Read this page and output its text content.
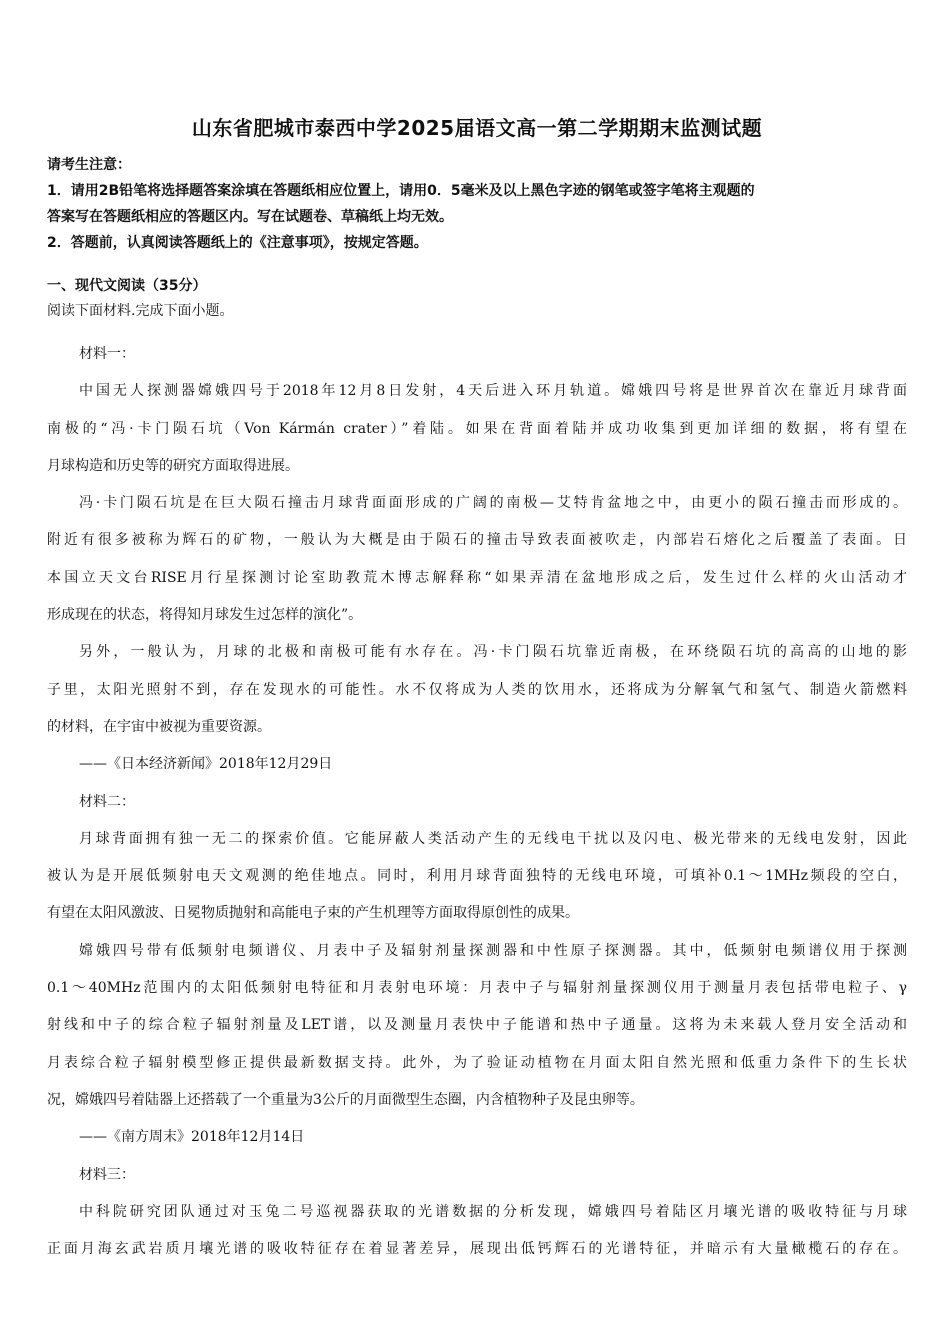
山东省肥城市泰西中学2025届语文高一第二学期期末监测试题
请考生注意：
1．请用2B铅笔将选择题答案涂填在答题纸相应位置上，请用0．5毫米及以上黑色字迹的钢笔或签字笔将主观题的
答案写在答题纸相应的答题区内。写在试题卷、草稿纸上均无效。
2．答题前，认真阅读答题纸上的《注意事项》，按规定答题。
一、现代文阅读（35分）
阅读下面材料.完成下面小题。
材料一：
中国无人探测器嫦娥四号于2018年12月8日发射，4天后进入环月轨道。嫦娥四号将是世界首次在靠近月球背面
南极的“冯·卡门陨石坑（Von Kármán crater）”着陆。如果在背面着陆并成功收集到更加详细的数据，将有望在
月球构造和历史等的研究方面取得进展。
冯·卡门陨石坑是在巨大陨石撞击月球背面面形成的广阔的南极—艾特肯盆地之中，由更小的陨石撞击而形成的。
附近有很多被称为辉石的矿物，一般认为大概是由于陨石的撞击导致表面被吹走，内部岩石熔化之后覆盖了表面。日
本国立天文台RISE月行星探测讨论室助教荒木博志解释称“如果弄清在盆地形成之后，发生过什么样的火山活动才
形成现在的状态，将得知月球发生过怎样的演化”。
另外，一般认为，月球的北极和南极可能有水存在。冯·卡门陨石坑靠近南极，在环绕陨石坑的高高的山地的影
子里，太阳光照射不到，存在发现水的可能性。水不仅将成为人类的饮用水，还将成为分解氧气和氢气、制造火箭燃料
的材料，在宇宙中被视为重要资源。
——《日本经济新闻》2018年12月29日
材料二：
月球背面拥有独一无二的探索价值。它能屏蔽人类活动产生的无线电干扰以及闪电、极光带来的无线电发射，因此
被认为是开展低频射电天文观测的绝佳地点。同时，利用月球背面独特的无线电环境，可填补0.1～1MHz频段的空白，
有望在太阳风激波、日冕物质抛射和高能电子束的产生机理等方面取得原创性的成果。
嫦娥四号带有低频射电频谱仪、月表中子及辐射剂量探测器和中性原子探测器。其中，低频射电频谱仪用于探测
0.1～40MHz范围内的太阳低频射电特征和月表射电环境：月表中子与辐射剂量探测仪用于测量月表包括带电粒子、γ
射线和中子的综合粒子辐射剂量及LET谱，以及测量月表快中子能谱和热中子通量。这将为未来载人登月安全活动和
月表综合粒子辐射模型修正提供最新数据支持。此外，为了验证动植物在月面太阳自然光照和低重力条件下的生长状
况，嫦娥四号着陆器上还搭载了一个重量为3公斤的月面微型生态圈，内含植物种子及昆虫卵等。
——《南方周末》2018年12月14日
材料三：
中科院研究团队通过对玉兔二号巡视器获取的光谱数据的分析发现，嫦娥四号着陆区月壤光谱的吸收特征与月球
正面月海玄武岩质月壤光谱的吸收特征存在着显著差异，展现出低钙辉石的光谱特征，并暗示有大量橄榄石的存在。
